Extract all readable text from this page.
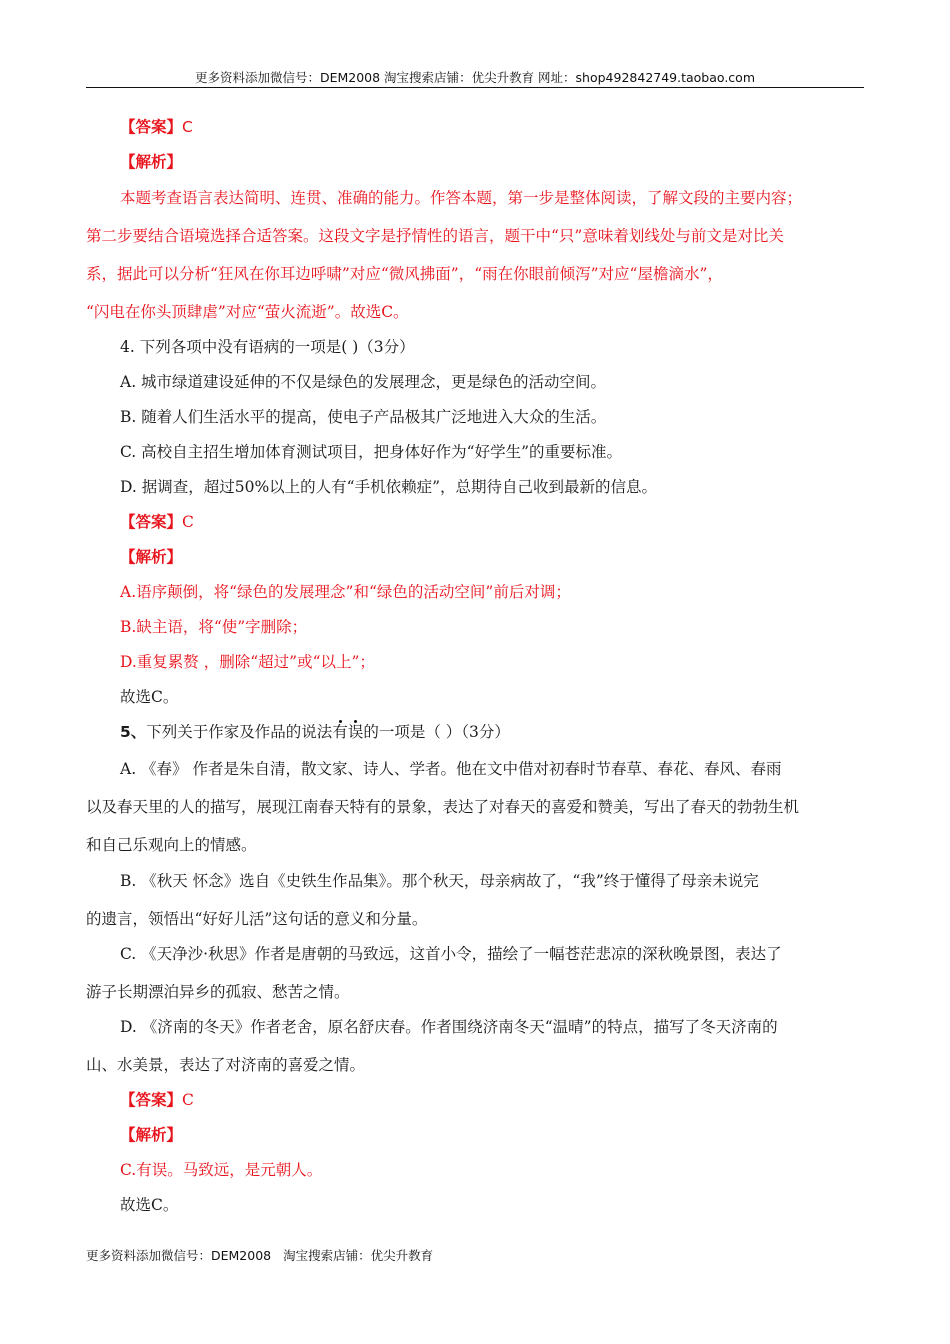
更多资料添加微信号：DEM2008 淘宝搜索店铺：优尖升教育 网址：shop492842749.taobao.com
【答案】C
【解析】
本题考查语言表达简明、连贯、准确的能力。作答本题，第一步是整体阅读，了解文段的主要内容；
第二步要结合语境选择合适答案。这段文字是抒情性的语言，题干中“只”意味着划线处与前文是对比关
系，据此可以分析“狂风在你耳边呼啸”对应“微风拂面”，“雨在你眼前倾泻”对应“屋檐滴水”，
“闪电在你头顶肆虐”对应“萤火流逝”。故选C。
4. 下列各项中没有语病的一项是( )（3分）
A. 城市绿道建设延伸的不仅是绿色的发展理念，更是绿色的活动空间。
B. 随着人们生活水平的提高，使电子产品极其广泛地进入大众的生活。
C. 高校自主招生增加体育测试项目，把身体好作为“好学生”的重要标准。
D. 据调查，超过50%以上的人有“手机依赖症”，总期待自己收到最新的信息。
【答案】C
【解析】
A.语序颠倒，将“绿色的发展理念”和“绿色的活动空间”前后对调；
B.缺主语，将“使”字删除；
D.重复累赘 ，删除“超过”或“以上”；
故选C。
5、下列关于作家及作品的说法有误的一项是（ ）（3分）
A. 《春》 作者是朱自清，散文家、诗人、学者。他在文中借对初春时节春草、春花、春风、春雨
以及春天里的人的描写，展现江南春天特有的景象，表达了对春天的喜爱和赞美，写出了春天的勃勃生机
和自己乐观向上的情感。
B. 《秋天 怀念》选自《史铁生作品集》。那个秋天，母亲病故了，“我”终于懂得了母亲未说完
的遗言，领悟出“好好儿活”这句话的意义和分量。
C. 《天净沙·秋思》作者是唐朝的马致远，这首小令，描绘了一幅苍茫悲凉的深秋晚景图，表达了
游子长期漂泊异乡的孤寂、愁苦之情。
D. 《济南的冬天》作者老舍，原名舒庆春。作者围绕济南冬天“温晴”的特点，描写了冬天济南的
山、水美景，表达了对济南的喜爱之情。
【答案】C
【解析】
C.有误。马致远，是元朝人。
故选C。
更多资料添加微信号：DEM2008 淘宝搜索店铺：优尖升教育
